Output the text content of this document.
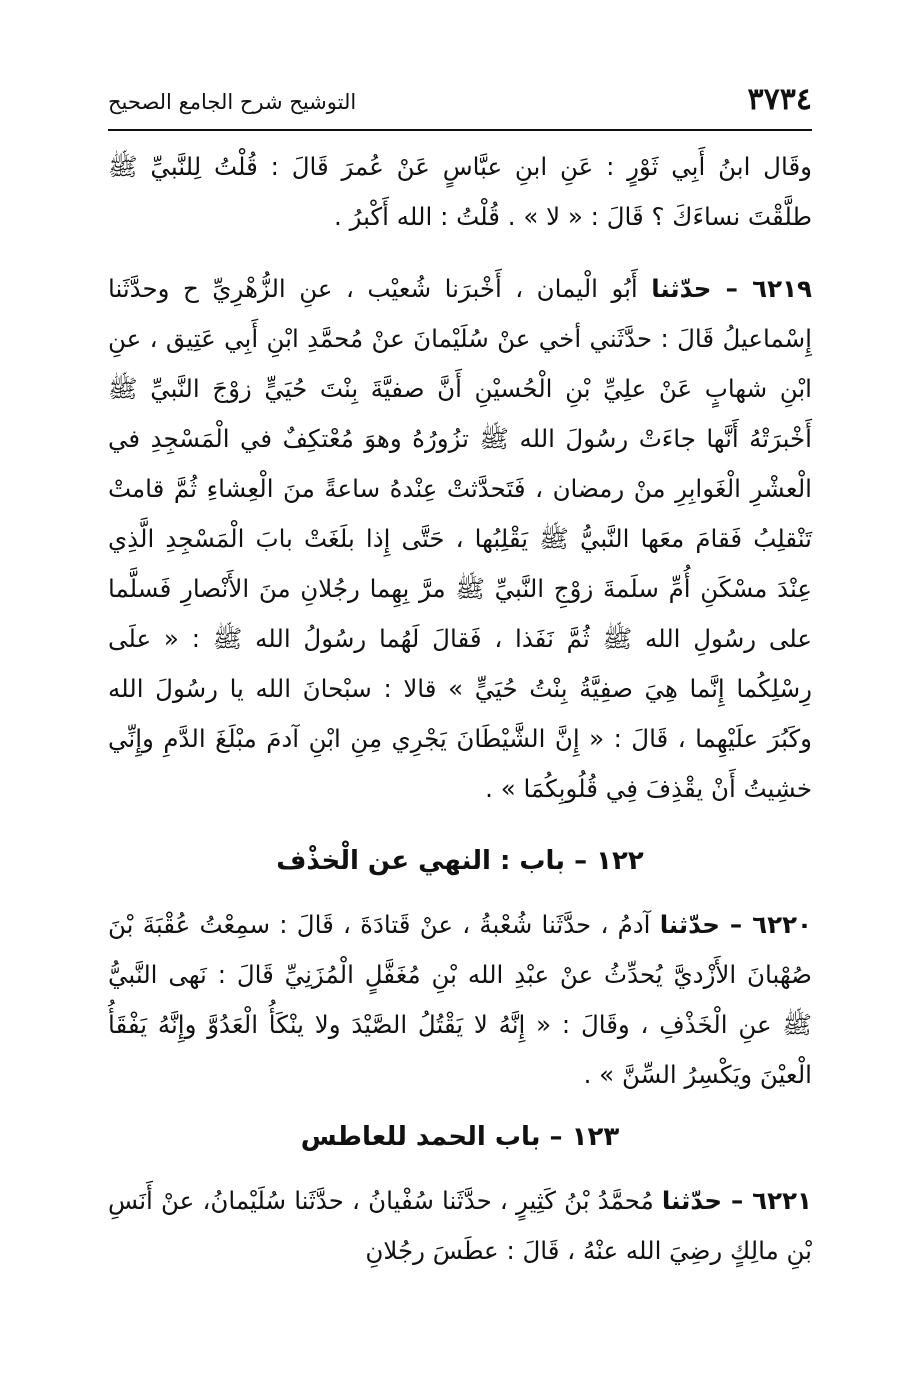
٣٧٣٤
التوشيح شرح الجامع الصحيح

وقَال ابنُ أَبِي ثَوْرٍ : عَنِ ابنِ عبَّاسٍ عَنْ عُمرَ قَالَ : قُلْتُ لِلنَّبيِّ ﷺ طلَّقْتَ نساءَكَ ؟ قَالَ : « لا » . قُلْتُ : الله أَكْبرُ .

٦٢١٩ – حدّثنا أَبُو الْيمان ، أَخْبرَنا شُعيْب ، عنِ الزُّهْرِيِّ ح وحدَّثَنا إِسْماعيلُ قَالَ : حدَّثَني أخي عنْ سُلَيْمانَ عنْ مُحمَّدِ ابْنِ أَبِي عَتِيق ، عنِ ابْنِ شهابٍ عَنْ علِيِّ بْنِ الْحُسيْنِ أَنَّ صفيَّةَ بِنْتَ حُيَيٍّ زوْجَ النَّبيِّ ﷺ أَخْبرَتْهُ أَنَّها جاءَتْ رسُولَ الله ﷺ تزُورُهُ وهوَ مُعْتكِفٌ في الْمَسْجِدِ في الْعشْرِ الْغَوابِرِ منْ رمضان ، فَتَحدَّثتْ عِنْدهُ ساعةً منَ الْعِشاءِ ثُمَّ قامتْ تَنْقلِبُ فَقامَ معَها النَّبيُّ ﷺ يَقْلِبُها ، حَتَّى إِذا بلَغَتْ بابَ الْمَسْجِدِ الَّذِي عِنْدَ مسْكَنِ أُمِّ سلَمةَ زوْجِ النَّبيِّ ﷺ مرَّ بِهِما رجُلانِ منَ الأَنْصارِ فَسلَّما على رسُولِ الله ﷺ ثُمَّ نَفَذا ، فَقالَ لَهُما رسُولُ الله ﷺ : « علَى رِسْلِكُما إِنَّما هِيَ صفِيَّةُ بِنْتُ حُيَيٍّ » قالا : سبْحانَ الله يا رسُولَ الله وكَبُرَ علَيْهِما ، قَالَ : « إِنَّ الشَّيْطَانَ يَجْرِي مِنِ ابْنِ آدمَ مبْلَغَ الدَّمِ وإِنِّي خشِيتُ أَنْ يقْذِفَ فِي قُلُوبِكُمَا » .

١٢٢ – باب : النهي عن الْخذْف

٦٢٢٠ – حدّثنا آدمُ ، حدَّثَنا شُعْبةُ ، عنْ قَتادَةَ ، قَالَ : سمِعْتُ عُقْبَةَ بْنَ صُهْبانَ الأَزْديَّ يُحدِّثُ عنْ عبْدِ الله بْنِ مُغَفَّلٍ الْمُزَنِيِّ قَالَ : نَهى النَّبيُّ ﷺ عنِ الْخَذْفِ ، وقَالَ : « إِنَّهُ لا يَقْتُلُ الصَّيْدَ ولا ينْكَأُ الْعَدُوَّ وإِنَّهُ يَفْقَأُ الْعيْنَ ويَكْسِرُ السِّنَّ » .

١٢٣ – باب الحمد للعاطس

٦٢٢١ – حدّثنا مُحمَّدُ بْنُ كَثِيرٍ ، حدَّثَنا سُفْيانُ ، حدَّثَنا سُلَيْمانُ، عنْ أَنَسِ بْنِ مالِكٍ رضِيَ الله عنْهُ ، قَالَ : عطَسَ رجُلانِ
